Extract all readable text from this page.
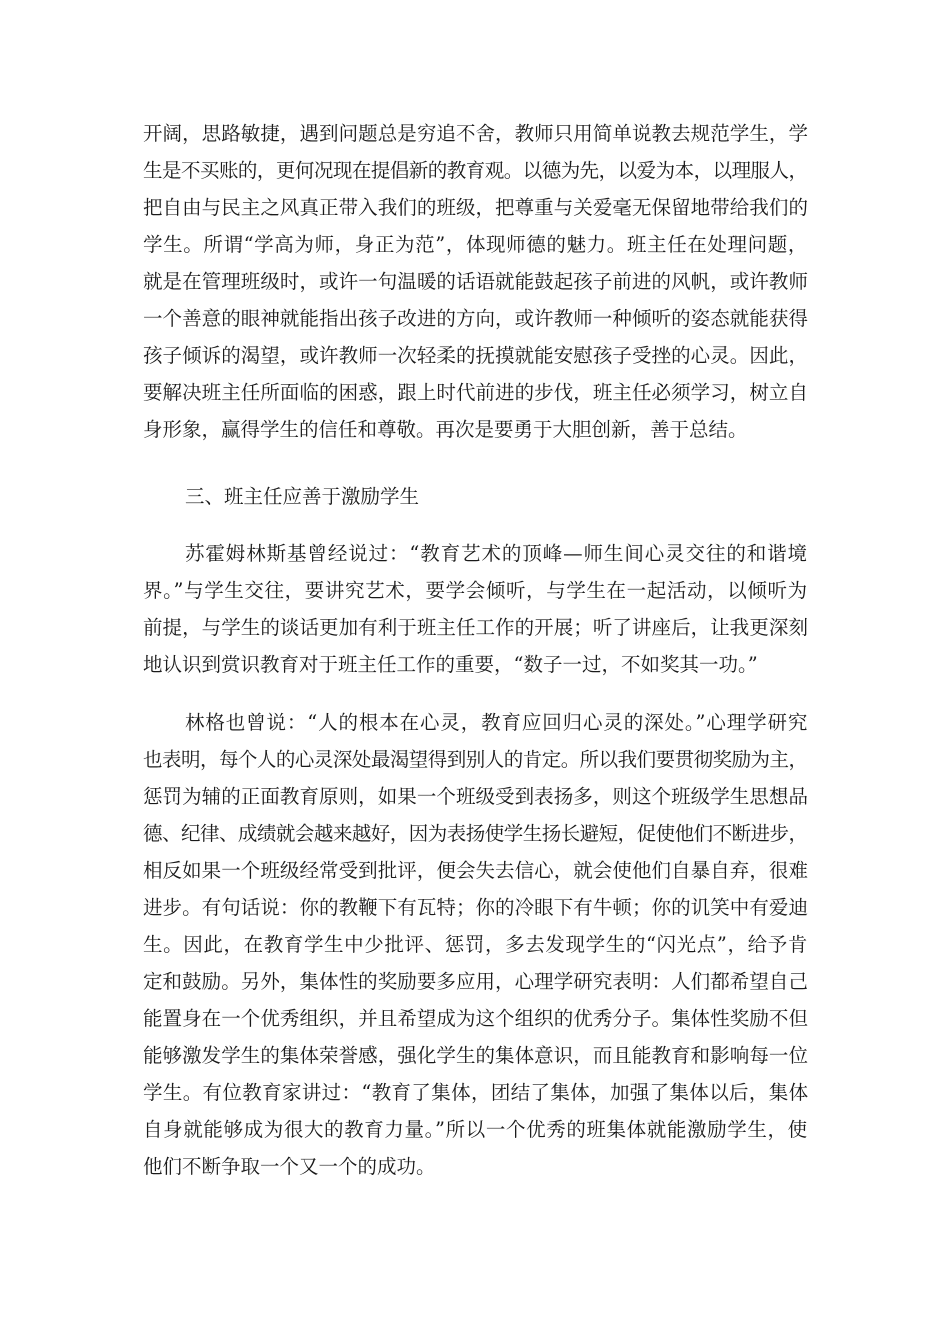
开阔，思路敏捷，遇到问题总是穷追不舍，教师只用简单说教去规范学生，学
生是不买账的，更何况现在提倡新的教育观。以德为先，以爱为本，以理服人，
把自由与民主之风真正带入我们的班级，把尊重与关爱毫无保留地带给我们的
学生。所谓“学高为师，身正为范”，体现师德的魅力。班主任在处理问题，
就是在管理班级时，或许一句温暖的话语就能鼓起孩子前进的风帆，或许教师
一个善意的眼神就能指出孩子改进的方向，或许教师一种倾听的姿态就能获得
孩子倾诉的渴望，或许教师一次轻柔的抚摸就能安慰孩子受挫的心灵。因此，
要解决班主任所面临的困惑，跟上时代前进的步伐，班主任必须学习，树立自
身形象，赢得学生的信任和尊敬。再次是要勇于大胆创新，善于总结。
三、班主任应善于激励学生
苏霍姆林斯基曾经说过：“教育艺术的顶峰—师生间心灵交往的和谐境
界。”与学生交往，要讲究艺术，要学会倾听，与学生在一起活动，以倾听为
前提，与学生的谈话更加有利于班主任工作的开展；听了讲座后，让我更深刻
地认识到赏识教育对于班主任工作的重要，“数子一过，不如奖其一功。”
林格也曾说：“人的根本在心灵，教育应回归心灵的深处。”心理学研究
也表明，每个人的心灵深处最渴望得到别人的肯定。所以我们要贯彻奖励为主，
惩罚为辅的正面教育原则，如果一个班级受到表扬多，则这个班级学生思想品
德、纪律、成绩就会越来越好，因为表扬使学生扬长避短，促使他们不断进步，
相反如果一个班级经常受到批评，便会失去信心，就会使他们自暴自弃，很难
进步。有句话说：你的教鞭下有瓦特；你的冷眼下有牛顿；你的讥笑中有爱迪
生。因此，在教育学生中少批评、惩罚，多去发现学生的“闪光点”，给予肯
定和鼓励。另外，集体性的奖励要多应用，心理学研究表明：人们都希望自己
能置身在一个优秀组织，并且希望成为这个组织的优秀分子。集体性奖励不但
能够激发学生的集体荣誉感，强化学生的集体意识，而且能教育和影响每一位
学生。有位教育家讲过：“教育了集体，团结了集体，加强了集体以后，集体
自身就能够成为很大的教育力量。”所以一个优秀的班集体就能激励学生，使
他们不断争取一个又一个的成功。
